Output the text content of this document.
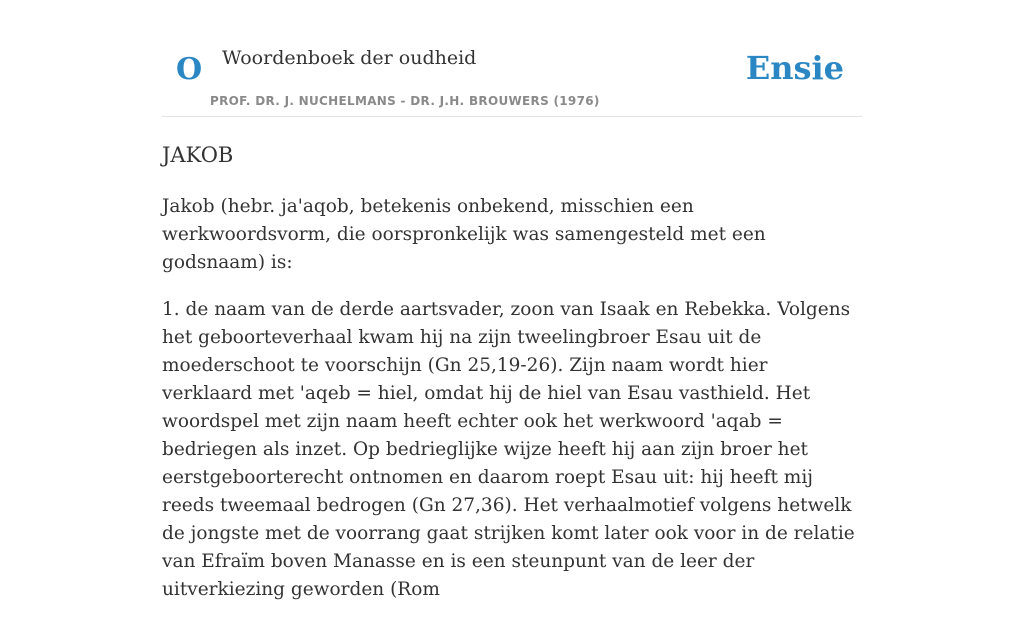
O Woordenboek der oudheid
PROF. DR. J. NUCHELMANS - DR. J.H. BROUWERS (1976)
Ensie
JAKOB

Jakob (hebr. ja'aqob, betekenis onbekend, misschien een werkwoordsvorm, die oorspronkelijk was samengesteld met een godsnaam) is:

1. de naam van de derde aartsvader, zoon van Isaak en Rebekka. Volgens het geboorteverhaal kwam hij na zijn tweelingbroer Esau uit de moederschoot te voorschijn (Gn 25,19-26). Zijn naam wordt hier verklaard met 'aqeb = hiel, omdat hij de hiel van Esau vasthield. Het woordspel met zijn naam heeft echter ook het werkwoord 'aqab = bedriegen als inzet. Op bedrieglijke wijze heeft hij aan zijn broer het eerstgeboorterecht ontnomen en daarom roept Esau uit: hij heeft mij reeds tweemaal bedrogen (Gn 27,36). Het verhaalmotief volgens hetwelk de jongste met de voorrang gaat strijken komt later ook voor in de relatie van Efraïm boven Manasse en is een steunpunt van de leer der uitverkiezing geworden (Rom
